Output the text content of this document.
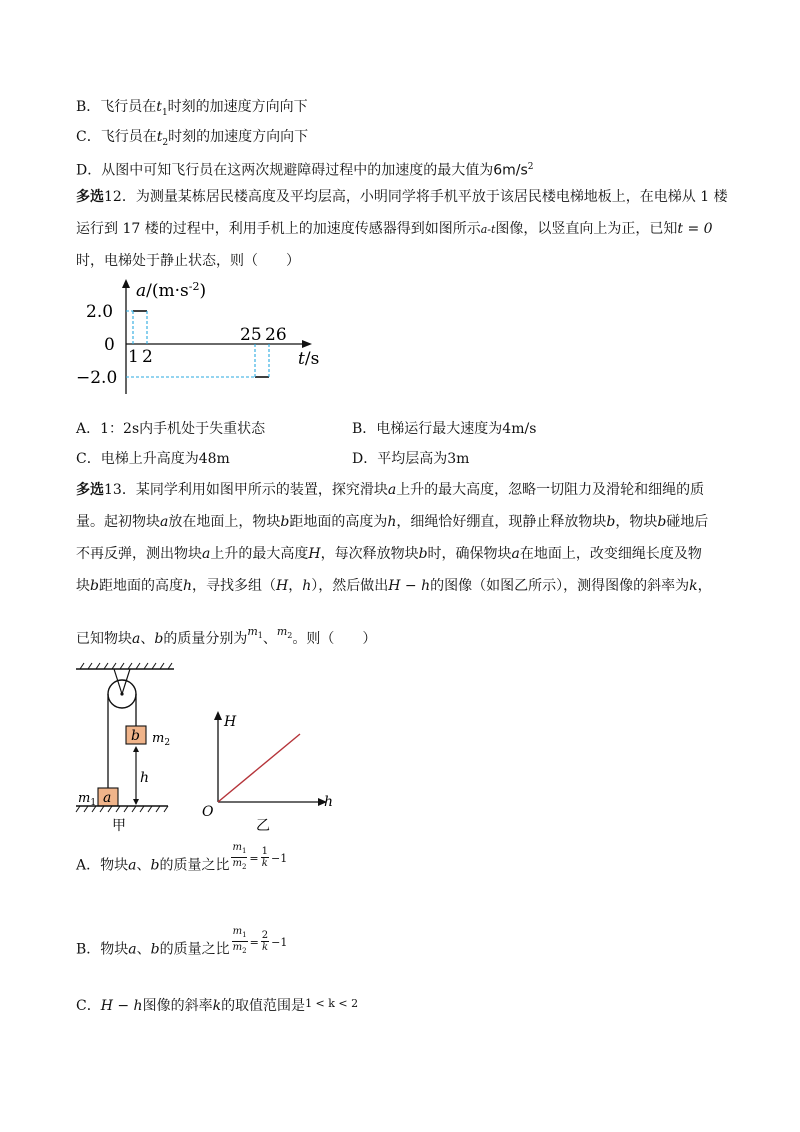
B．飞行员在$t_1$时刻的加速度方向向下
C．飞行员在$t_2$时刻的加速度方向向下
D．从图中可知飞行员在这两次规避障碍过程中的加速度的最大值为$6m/s^2$
多选12．为测量某栋居民楼高度及平均层高，小明同学将手机平放于该居民楼电梯地板上，在电梯从 1 楼
运行到 17 楼的过程中，利用手机上的加速度传感器得到如图所示a-t图像，以竖直向上为正，已知t = 0
时，电梯处于静止状态，则（　　）
$a/(m\cdot s^{-2})$
2.0
0
−2.0
1 2
25 26
t/s
A．1：2s内手机处于失重状态	B．电梯运行最大速度为4m/s
C．电梯上升高度为48m	D．平均层高为3m
多选13．某同学利用如图甲所示的装置，探究滑块a上升的最大高度，忽略一切阻力及滑轮和细绳的质
量。起初物块a放在地面上，物块b距地面的高度为h，细绳恰好绷直，现静止释放物块b，物块b碰地后
不再反弹，测出物块a上升的最大高度H，每次释放物块b时，确保物块a在地面上，改变细绳长度及物
块b距地面的高度h，寻找多组（H，h），然后做出H − h的图像（如图乙所示），测得图像的斜率为k，
已知物块a、b的质量分别为$^{m_1}$、$^{m_2}$。则（　　）
b $m_2$
h
a
$m_1$
甲
H
h
O
乙
A．物块a、b的质量之比 $\frac{m_1}{m_2} ^= \frac{1}{k} ^{-1}$
B．物块a、b的质量之比 $\frac{m_1}{m_2} ^= \frac{2}{k} ^{-1}$
C．H − h图像的斜率k的取值范围是$^{1 < k < 2}$
